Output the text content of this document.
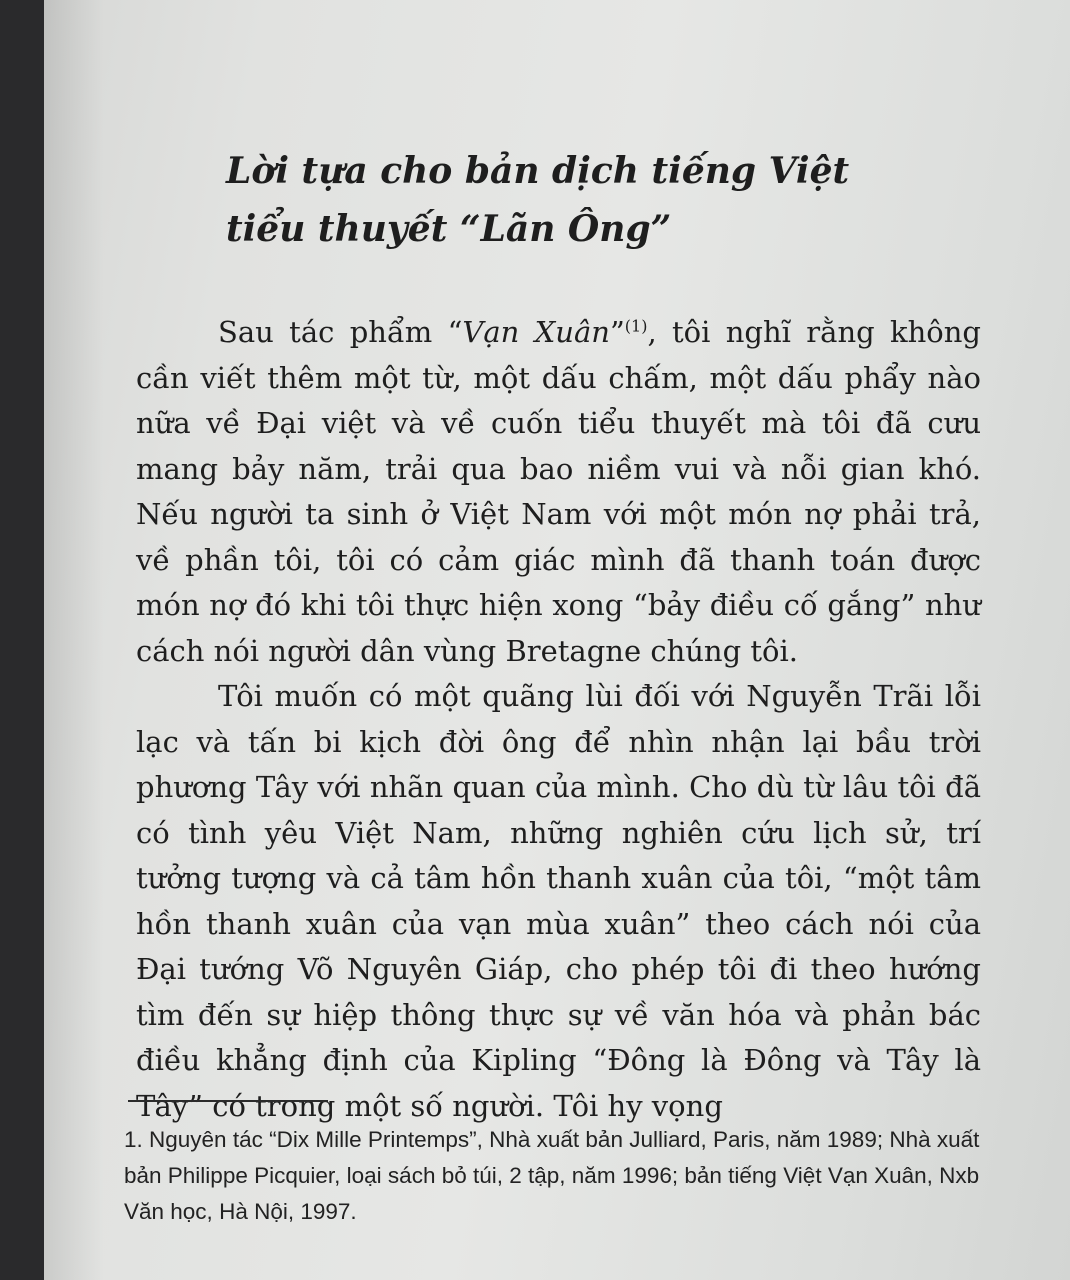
Lời tựa cho bản dịch tiếng Việt
tiểu thuyết “Lãn Ông”

Sau tác phẩm “Vạn Xuân”$^{(1)}$, tôi nghĩ rằng không cần viết thêm một từ, một dấu chấm, một dấu phẩy nào nữa về Đại việt và về cuốn tiểu thuyết mà tôi đã cưu mang bảy năm, trải qua bao niềm vui và nỗi gian khó. Nếu người ta sinh ở Việt Nam với một món nợ phải trả, về phần tôi, tôi có cảm giác mình đã thanh toán được món nợ đó khi tôi thực hiện xong “bảy điều cố gắng” như cách nói người dân vùng Bretagne chúng tôi.

Tôi muốn có một quãng lùi đối với Nguyễn Trãi lỗi lạc và tấn bi kịch đời ông để nhìn nhận lại bầu trời phương Tây với nhãn quan của mình. Cho dù từ lâu tôi đã có tình yêu Việt Nam, những nghiên cứu lịch sử, trí tưởng tượng và cả tâm hồn thanh xuân của tôi, “một tâm hồn thanh xuân của vạn mùa xuân” theo cách nói của Đại tướng Võ Nguyên Giáp, cho phép tôi đi theo hướng tìm đến sự hiệp thông thực sự về văn hóa và phản bác điều khẳng định của Kipling “Đông là Đông và Tây là Tây” có trong một số người. Tôi hy vọng

1. Nguyên tác “Dix Mille Printemps”, Nhà xuất bản Julliard, Paris, năm 1989; Nhà xuất bản Philippe Picquier, loại sách bỏ túi, 2 tập, năm 1996; bản tiếng Việt Vạn Xuân, Nxb Văn học, Hà Nội, 1997.
